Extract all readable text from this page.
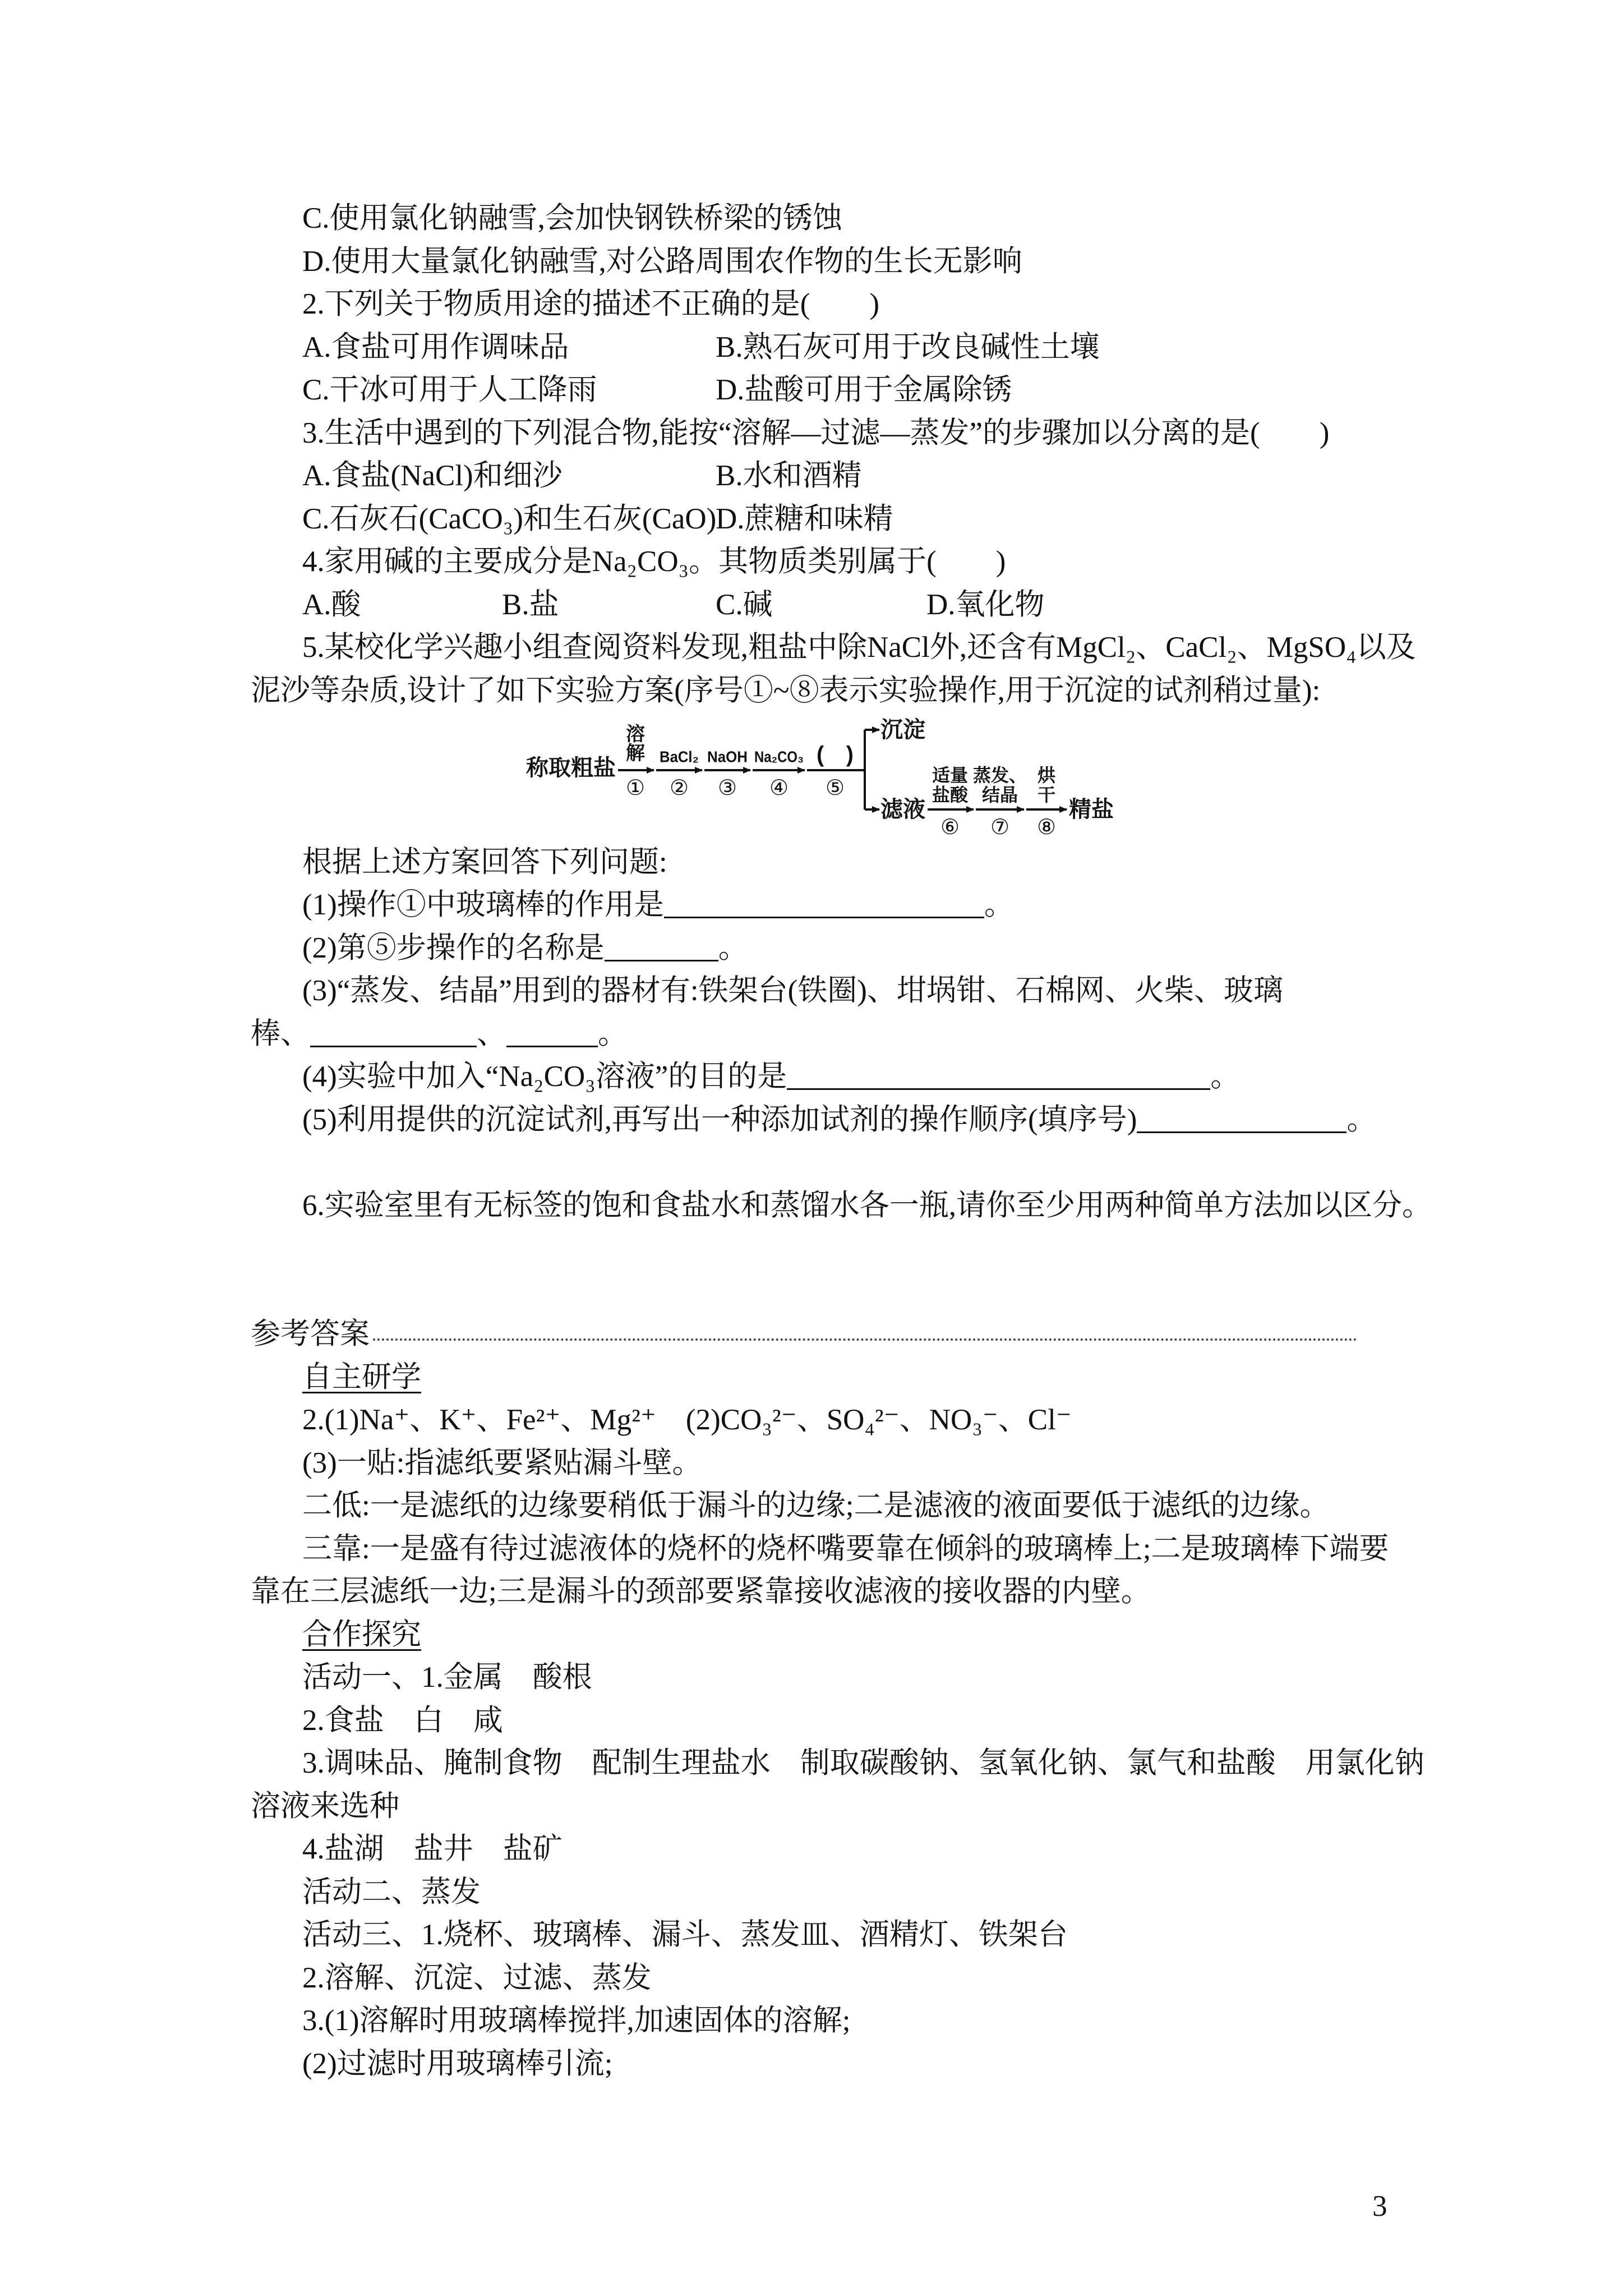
C.使用氯化钠融雪,会加快钢铁桥梁的锈蚀
D.使用大量氯化钠融雪,对公路周围农作物的生长无影响
2.下列关于物质用途的描述不正确的是(　　)
A.食盐可用作调味品	B.熟石灰可用于改良碱性土壤
C.干冰可用于人工降雨	D.盐酸可用于金属除锈
3.生活中遇到的下列混合物,能按“溶解—过滤—蒸发”的步骤加以分离的是(　　)
A.食盐(NaCl)和细沙	B.水和酒精
C.石灰石(CaCO₃)和生石灰(CaO)
D.蔗糖和味精
4.家用碱的主要成分是Na₂CO₃。其物质类别属于(　　)
A.酸	B.盐	C.碱	D.氧化物
5.某校化学兴趣小组查阅资料发现,粗盐中除NaCl外,还含有MgCl₂、CaCl₂、MgSO₄以及
泥沙等杂质,设计了如下实验方案(序号①~⑧表示实验操作,用于沉淀的试剂稍过量):
称取粗盐
溶
解
①
BaCl₂
②
NaOH
③
Na₂CO₃
④
(　)
⑤
沉淀
滤液
适量
盐酸
⑥
蒸发、
结晶
⑦
烘
干
⑧
精盐
根据上述方案回答下列问题:
(1)操作①中玻璃棒的作用是	。
(2)第⑤步操作的名称是	。
(3)“蒸发、结晶”用到的器材有:铁架台(铁圈)、坩埚钳、石棉网、火柴、玻璃
棒、	、	。
(4)实验中加入“Na₂CO₃溶液”的目的是	。
(5)利用提供的沉淀试剂,再写出一种添加试剂的操作顺序(填序号)	。
6.实验室里有无标签的饱和食盐水和蒸馏水各一瓶,请你至少用两种简单方法加以区分。
参考答案
自主研学
2.(1)Na⁺、K⁺、Fe²⁺、Mg²⁺　(2)CO₃²⁻、SO₄²⁻、NO₃⁻、Cl⁻
(3)一贴:指滤纸要紧贴漏斗壁。
二低:一是滤纸的边缘要稍低于漏斗的边缘;二是滤液的液面要低于滤纸的边缘。
三靠:一是盛有待过滤液体的烧杯的烧杯嘴要靠在倾斜的玻璃棒上;二是玻璃棒下端要
靠在三层滤纸一边;三是漏斗的颈部要紧靠接收滤液的接收器的内壁。
合作探究
活动一、1.金属　酸根
2.食盐　白　咸
3.调味品、腌制食物　配制生理盐水　制取碳酸钠、氢氧化钠、氯气和盐酸　用氯化钠
溶液来选种
4.盐湖　盐井　盐矿
活动二、蒸发
活动三、1.烧杯、玻璃棒、漏斗、蒸发皿、酒精灯、铁架台
2.溶解、沉淀、过滤、蒸发
3.(1)溶解时用玻璃棒搅拌,加速固体的溶解;
(2)过滤时用玻璃棒引流;
3
